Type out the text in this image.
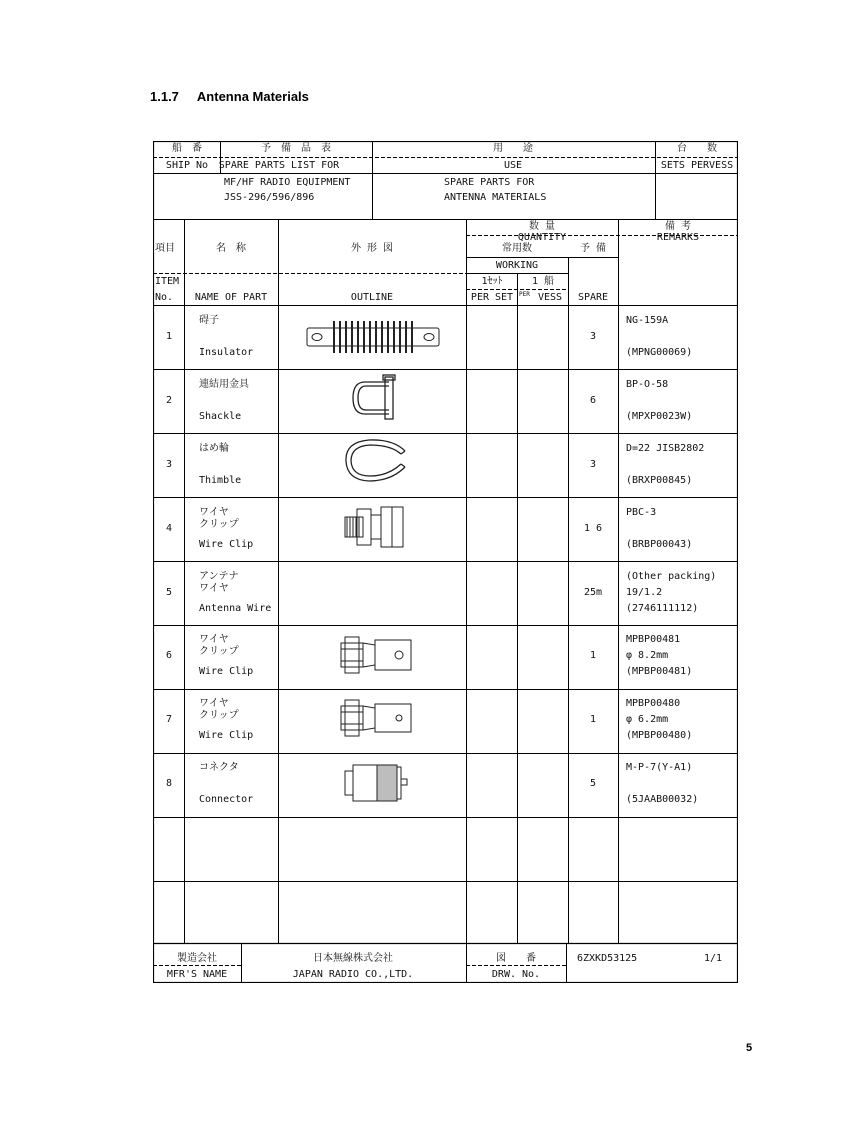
1.1.7 Antenna Materials
船　番
SHIP No
予　備　品　表
SPARE PARTS LIST FOR
用　　途
USE
台　　数
SETS PERVESS
MF/HF RADIO EQUIPMENT
JSS-296/596/896
SPARE PARTS FOR
ANTENNA MATERIALS
項目
ITEM
No.
名　称
NAME OF PART
外 形 図
OUTLINE
数 量
QUANTITY
常用数
WORKING
1ｾｯﾄ
PER SET
1 船
PER VESS
予 備
SPARE
備 考
REMARKS
1
碍子
Insulator
3
NG-159A
(MPNG00069)
2
連結用金具
Shackle
6
BP-O-58
(MPXP0023W)
3
はめ輪
Thimble
3
D=22 JISB2802
(BRXP00845)
4
ワイヤ
クリップ
Wire Clip
1 6
PBC-3
(BRBP00043)
5
アンテナ
ワイヤ
Antenna Wire
25m
(Other packing)
19/1.2
(2746111112)
6
ワイヤ
クリップ
Wire Clip
1
MPBP00481
φ 8.2mm
(MPBP00481)
7
ワイヤ
クリップ
Wire Clip
1
MPBP00480
φ 6.2mm
(MPBP00480)
8
コネクタ
Connector
5
M-P-7(Y-A1)
(5JAAB00032)
製造会社
MFR'S NAME
日本無線株式会社
JAPAN RADIO CO.,LTD.
図　　番
DRW. No.
6ZXKD53125	1/1
5
